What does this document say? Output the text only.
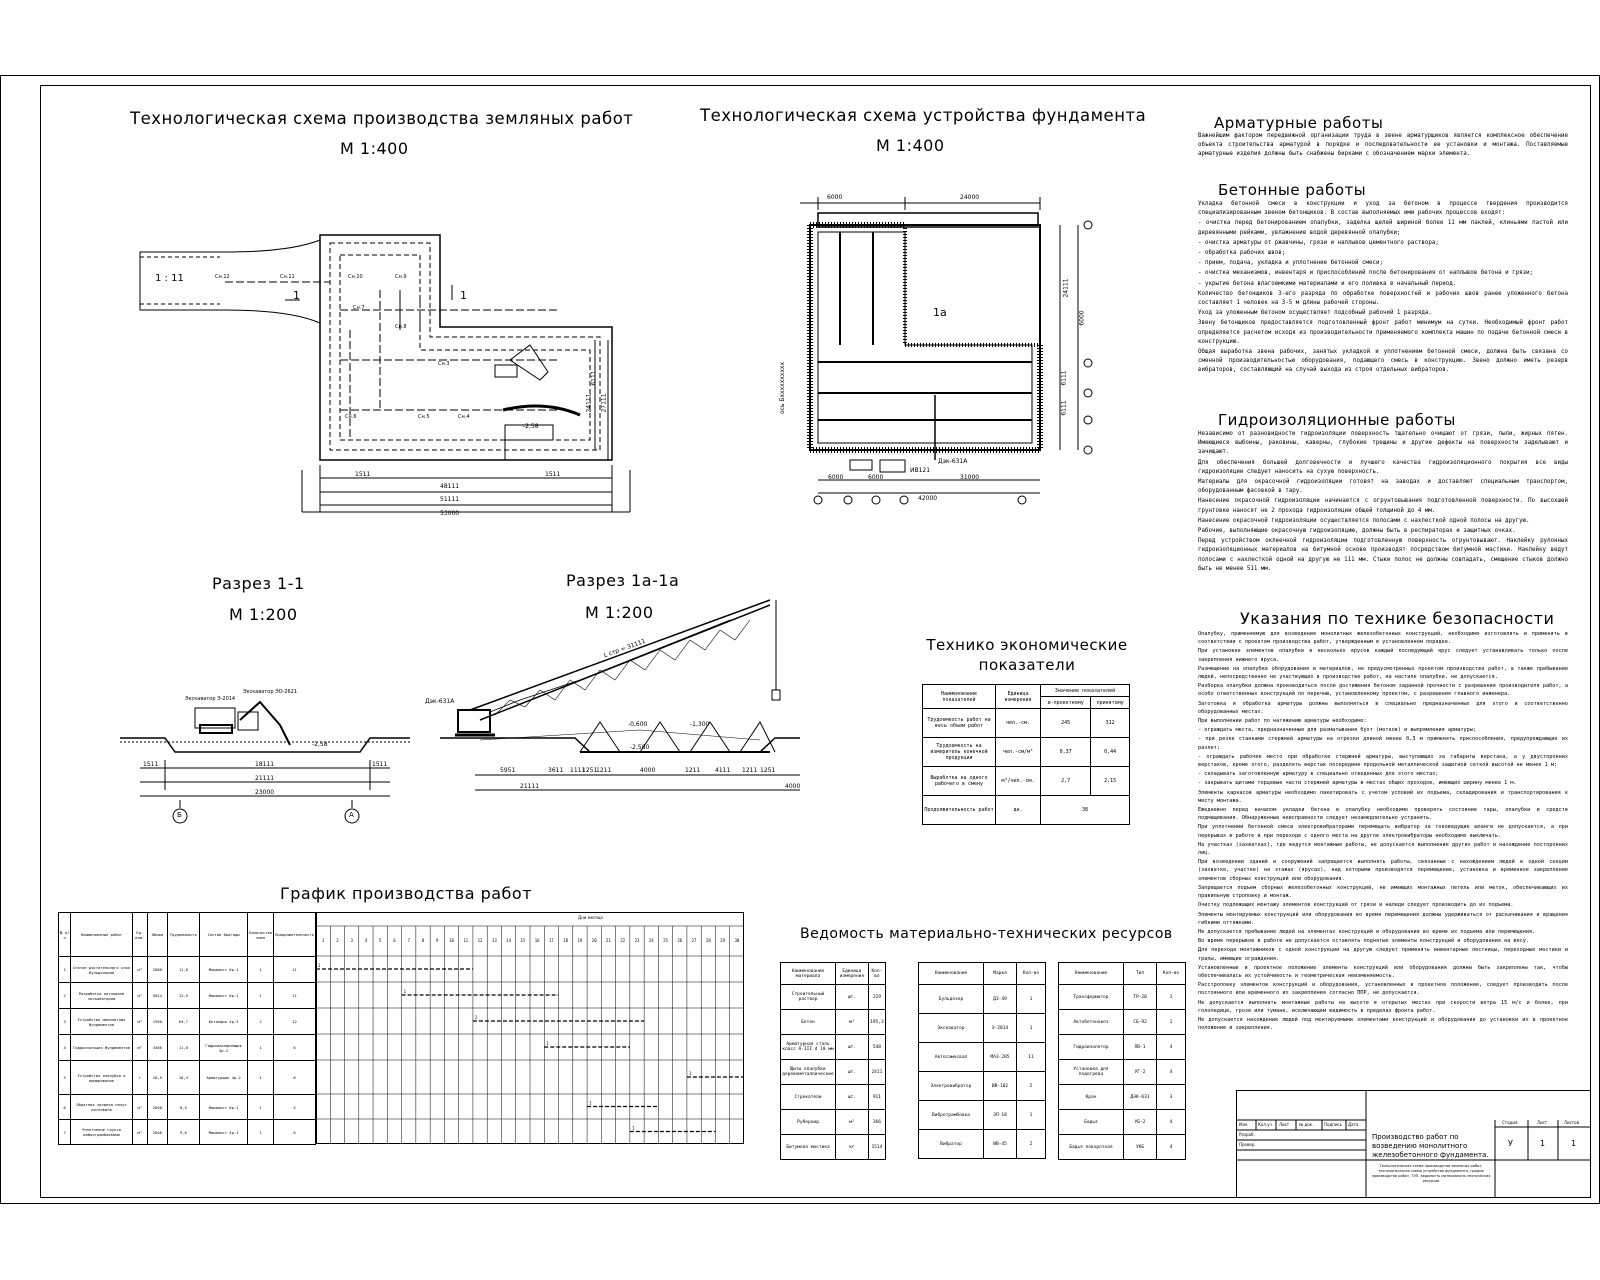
Технологическая схема производства земляных работ
М 1:400
Технологическая схема устройства фундамента
М 1:400
Разрез 1-1
М 1:200
Разрез 1а-1а
М 1:200
График производства работ
Технико экономические показатели
Ведомость материально-технических ресурсов
1 : 11
1	1
Сн.12	Сн.11	Сн.10	Сн.9
Сн.8
Сн.7
Сн.6	Сн.5	Сн.4
Сн.3
-2,58
1511	1511
48111
51111
53000
6111
24111 27111
6000	24000
1а
Дэк-631А
ИВ121
ось Бхххххххххх
6000	6000	31000
42000
24111
6000
6111
6111
Экскаватор Э-2014
Экскаватор ЭО-2621
-2,58
1511	1511
18111
21111
23000
Б	А
Дэк-631А
L стр = 31111
-0,600	-1,300
-2,580
5951	3611 1111
1251
1211	4000	1211 4111 1211 1251
4000
21111
Арматурные работы

Важнейшим фактором передвижной организации труда в звене арматурщиков является комплексное обеспечение объекта строительства арматурой в порядке и последовательности ее установки и монтажа. Поставляемые арматурные изделия должны быть снабжены бирками с обозначением марки элемента.

Бетонные работы

Укладка бетонной смеси в конструкции и уход за бетоном в процессе твердения производится специализированным звеном бетонщиков. В состав выполняемых ими рабочих процессов входят:

- очистка перед бетонированием опалубки, заделка щелей шириной более 11 мм паклей, клиньями пастой или деревянными рейками, увлажнение водой деревянной опалубки;

- очистка арматуры от ржавчины, грязи и наплывов цементного раствора;

- обработка рабочих швов;

- прием, подача, укладка и уплотнение бетонной смеси;

- очистка механизмов, инвентаря и приспособлений после бетонирования от наплывов бетона и грязи;

- укрытие бетона влагоемкими материалами и его поливка в начальный период.

Количество бетонщиков 3-его разряда по обработке поверхностей и рабочих швов ранее уложенного бетона составляет 1 человек на 3-5 м длины рабочей стороны.

Уход за уложенным бетоном осуществляет подсобный рабочий 1 разряда.

Звену бетонщиков предоставляется подготовленный фронт работ минимум на сутки. Необходимый фронт работ определяется расчетом исходя из производительности применяемого комплекта машин по подаче бетонной смеси в конструкцию.

Общая выработка звена рабочих, занятых укладкой и уплотнением бетонной смеси, должна быть связана со сменной производительностью оборудования, подающего смесь в конструкцию. Звено должно иметь резерв вибраторов, составляющий на случай выхода из строя отдельных вибраторов.

Гидроизоляционные работы

Независимо от разновидности гидроизоляции поверхность тщательно очищают от грязи, пыли, жирных пятен. Имеющиеся выбоины, раковины, каверны, глубокие трещины и другие дефекты на поверхности заделывают и зачищают.

Для обеспечения большей долговечности и лучшего качества гидроизоляционного покрытия все виды гидроизоляции следует наносить на сухую поверхность.

Материалы для окрасочной гидроизоляции готовят на заводах и доставляют специальным транспортом, оборудованным фасовкой в тару.

Нанесение окрасочной гидроизоляции начинается с огрунтовывания подготовленной поверхности. По высохшей грунтовке наносят не 2 прохода гидроизоляции общей толщиной до 4 мм.

Нанесение окрасочной гидроизоляции осуществляется полосами с нахлесткой одной полосы на другую.

Рабочие, выполняющие окрасочную гидроизоляцию, должны быть в респираторах и защитных очках.

Перед устройством оклеечной гидроизоляции подготовленную поверхность огрунтовывают. Наклейку рулонных гидроизоляционных материалов на битумной основе производят посредством битумной мастики. Наклейку ведут полосами с нахлесткой одной на другую не 111 мм. Стыки полос не должны совпадать, смещение стыков должно быть не менее 511 мм.

Указания по технике безопасности

Опалубку, применяемую для возведения монолитных железобетонных конструкций, необходимо изготовлять и применять в соответствии с проектом производства работ, утвержденным в установленном порядке.

При установке элементов опалубки в несколько ярусов каждый последующий ярус следует устанавливать только после закрепления нижнего яруса.

Размещение на опалубке оборудования и материалов, не предусмотренных проектом производства работ, а также пребывание людей, непосредственно не участвующих в производстве работ, на настиле опалубки, не допускается.

Разборка опалубки должна производиться после достижения бетоном заданной прочности с разрешения производителя работ, а особо ответственных конструкций по перечню, установленному проектом, с разрешения главного инженера.

Заготовка и обработка арматуры должны выполняться в специально предназначенных для этого и соответственно оборудованных местах.

При выполнении работ по натяжению арматуры необходимо:

- ограждать места, предназначенные для разматывания бухт (мотков) и выпрямления арматуры;

- при резке станками стержней арматуры на отрезки длиной менее 0,3 м применять приспособления, предупреждающие их разлет;

- ограждать рабочее место при обработке стержней арматуры, выступающих за габариты верстака, а у двусторонних верстаков, кроме этого, разделять верстак посередине продольной металлической защитной сеткой высотой не менее 1 м;

- складывать заготовленную арматуру в специально отведенных для этого местах;

- закрывать щитами торцевые части стержней арматуры в местах общих проходов, имеющих ширину менее 1 м.

Элементы каркасов арматуры необходимо пакетировать с учетом условий их подъема, складирования и транспортирования к месту монтажа.

Ежедневно перед началом укладки бетона в опалубку необходимо проверять состояние тары, опалубки и средств подмащивания. Обнаруженные неисправности следует незамедлительно устранять.

При уплотнении бетонной смеси электровибраторами перемещать вибратор за токоведущие шланги не допускается, а при перерывах в работе и при переходе с одного места на другое электровибраторы необходимо выключать.

На участках (захватках), где ведутся монтажные работы, не допускается выполнение других работ и нахождение посторонних лиц.

При возведении зданий и сооружений запрещается выполнять работы, связанные с нахождением людей в одной секции (захватке, участке) на этажах (ярусах), над которыми производятся перемещение, установка и временное закрепление элементов сборных конструкций или оборудования.

Запрещается подъем сборных железобетонных конструкций, не имеющих монтажных петель или меток, обеспечивающих их правильную строповку и монтаж.

Очистку подлежащих монтажу элементов конструкций от грязи и наледи следует производить до их подъема.

Элементы монтируемых конструкций или оборудования во время перемещения должны удерживаться от раскачивания и вращения гибкими оттяжками.

Не допускается пребывание людей на элементах конструкций и оборудования во время их подъема или перемещения.

Во время перерывов в работе не допускается оставлять поднятые элементы конструкций и оборудования на весу.

Для перехода монтажников с одной конструкции на другую следует применять инвентарные лестницы, переходные мостики и трапы, имеющие ограждения.

Установленные в проектное положение элементы конструкций или оборудования должны быть закреплены так, чтобы обеспечивалась их устойчивость и геометрическая неизменяемость.

Расстроповку элементов конструкций и оборудования, установленных в проектное положение, следует производить после постоянного или временного их закрепления согласно ППР, не допускается.

Не допускается выполнять монтажные работы на высоте в открытых местах при скорости ветра 15 м/с и более, при гололедице, грозе или тумане, исключающем видимость в пределах фронта работ.

Не допускается нахождение людей под монтируемыми элементами конструкций и оборудования до установки их в проектное положение и закрепления.

Наименование показателей	Единица измерения	Значение показателей	
		и-проектному	принятому
Трудоемкость работ на весь объем работ	чел.-см.	245	312
Трудоемкость на измеритель конечной продукции	чел.-см/м³	0,37	0,44
Выработка на одного рабочего в смену	м³/чел.-см.	2,7	2,15
Продолжительность работ	дн.	38	
Наименование материала	Единица измерения	Кол-во
Строительный раствор	шт.	229
Бетон	м³	195,3
Арматурная сталь класс А-III d 10 мм	шт.	548
Щиты опалубки деревометаллические	шт.	2411
Стрекатели	шт.	911
Рубероид	м²	366
Битумная мастика	кг	1514
Наименование	Марка	Кол-во
Бульдозер	ДЗ-49	1
Экскаватор	Э-2014	1
Автосамосвал	МАЗ-205	11
Электровибратор	ИВ-102	2
Вибротрамбовка	ЭП-18	1
Вибратор	ИВ-45	2
Наименование	Тип	Кол-во
Трансформатор	ТР-20	1
Автобетоновоз	СБ-92	1
Гидроизолятор	ПВ-1	4
Установка для подогрева	УГ-2	4
Кран	ДЭК-631	3
Бадья	УБ-2	4
Бадья поворотная	УКБ	4
№ п/п	Наименование работ	Ед. изм.	Объем	Трудоемкость	Состав бригады	Количество смен	Продолжительность
1	Снятие растительного слоя бульдозером	м³	2860	11,0	Машинист 6р-1	1	11
2	Разработка котлована экскаватором	м³	5814	12,9	Машинист 6р-1	1	11
3	Устройство монолитных фундаментов	м³	1950	64,7	Бетонщик 4р-3	2	12
4	Гидроизоляция фундаментов	м²	3466	11,8	Гидроизолировщик 3р-2	1	6
5	Устройство опалубки и армирование	т	18,5	18,4	Арматурщик 4р-2	1	8
6	Обратная засыпка пазух котлована	м³	2640	8,5	Машинист 6р-1	1	5
7	Уплотнение грунта вибротрамбовками	м³	2640	9,6	Машинист 4р-1	1	6
1	2	3	4	5	6	7	8	9	10 11 12 13 14 15 16 17 18 19 20 21 22 23 24 25 26 27 28 29 30
1
1
2
1
1
1
1
Дни месяца
Стадия	Лист	Листов
У	1	1
Производство работ по возведению монолитного железобетонного фундамента.
Технологическая схема производства земляных работ, технологическая схема устройства фундамента, график производства работ, ТЭП, ведомость материально-технических ресурсов
Изм. Кол.уч Лист № док.	Подпись Дата
Разраб.
Провер.
